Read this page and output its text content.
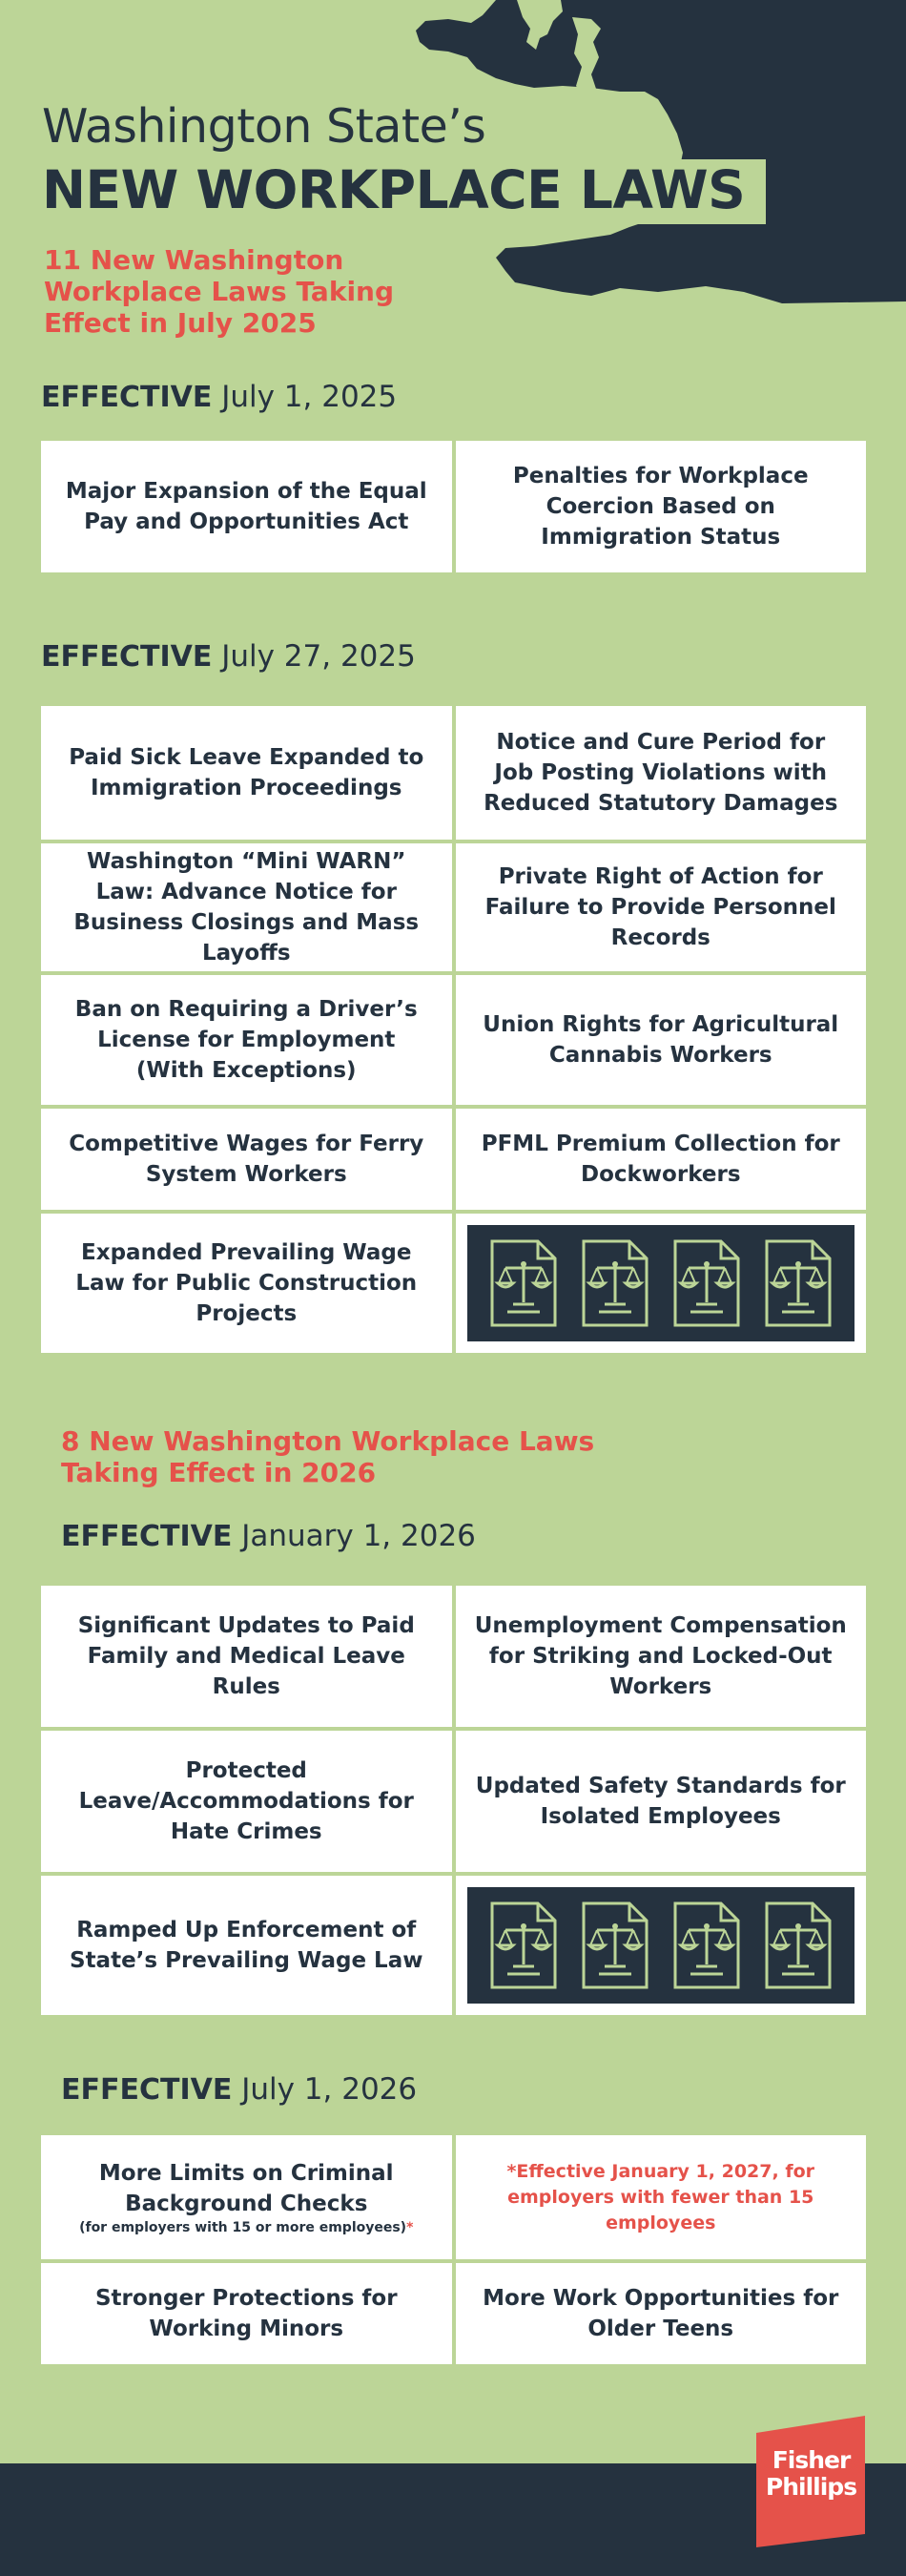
Washington State’s
NEW WORKPLACE LAWS
11 New Washington Workplace Laws Taking Effect in July 2025
EFFECTIVE July 1, 2025
Major Expansion of the Equal Pay and Opportunities Act
Penalties for Workplace Coercion Based on Immigration Status
EFFECTIVE July 27, 2025
Paid Sick Leave Expanded to Immigration Proceedings
Notice and Cure Period for Job Posting Violations with Reduced Statutory Damages
Washington “Mini WARN” Law: Advance Notice for Business Closings and Mass Layoffs
Private Right of Action for Failure to Provide Personnel Records
Ban on Requiring a Driver’s License for Employment (With Exceptions)
Union Rights for Agricultural Cannabis Workers
Competitive Wages for Ferry System Workers
PFML Premium Collection for Dockworkers
Expanded Prevailing Wage Law for Public Construction Projects
8 New Washington Workplace Laws Taking Effect in 2026
EFFECTIVE January 1, 2026
Significant Updates to Paid Family and Medical Leave Rules
Unemployment Compensation for Striking and Locked-Out Workers
Protected Leave/Accommodations for Hate Crimes
Updated Safety Standards for Isolated Employees
Ramped Up Enforcement of State’s Prevailing Wage Law
EFFECTIVE July 1, 2026
More Limits on Criminal Background Checks
(for employers with 15 or more employees)*
*Effective January 1, 2027, for employers with fewer than 15 employees
Stronger Protections for Working Minors
More Work Opportunities for Older Teens
Fisher Phillips
